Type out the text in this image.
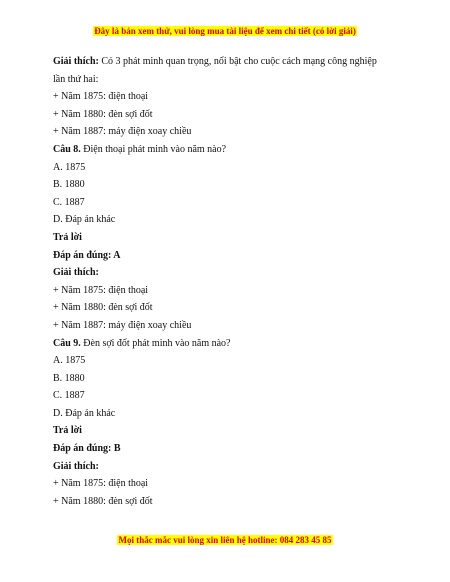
Đây là bản xem thử, vui lòng mua tài liệu để xem chi tiết (có lời giải)
Giải thích: Có 3 phát minh quan trọng, nổi bật cho cuộc cách mạng công nghiệp
lần thứ hai:
+ Năm 1875: điện thoại
+ Năm 1880: đèn sợi đốt
+ Năm 1887: máy điện xoay chiều
Câu 8. Điện thoại phát minh vào năm nào?
A. 1875
B. 1880
C. 1887
D. Đáp án khác
Trả lời
Đáp án đúng: A
Giải thích:
+ Năm 1875: điện thoại
+ Năm 1880: đèn sợi đốt
+ Năm 1887: máy điện xoay chiều
Câu 9. Đèn sợi đốt phát minh vào năm nào?
A. 1875
B. 1880
C. 1887
D. Đáp án khác
Trả lời
Đáp án đúng: B
Giải thích:
+ Năm 1875: điện thoại
+ Năm 1880: đèn sợi đốt
Mọi thắc mắc vui lòng xin liên hệ hotline: 084 283 45 85
